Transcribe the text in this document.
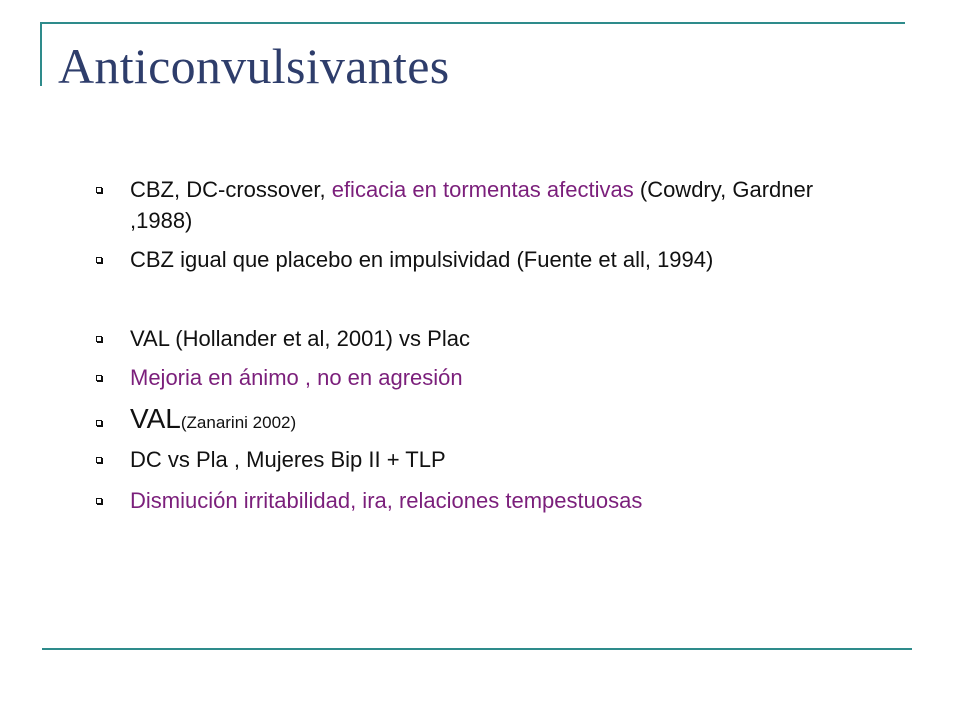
Anticonvulsivantes
CBZ, DC-crossover, eficacia en tormentas afectivas (Cowdry, Gardner ,1988)
CBZ igual que placebo en impulsividad (Fuente et all, 1994)
VAL (Hollander et al, 2001) vs Plac
Mejoria en ánimo , no en agresión
VAL(Zanarini 2002)
DC vs Pla , Mujeres Bip II + TLP
Dismiución irritabilidad, ira, relaciones tempestuosas
